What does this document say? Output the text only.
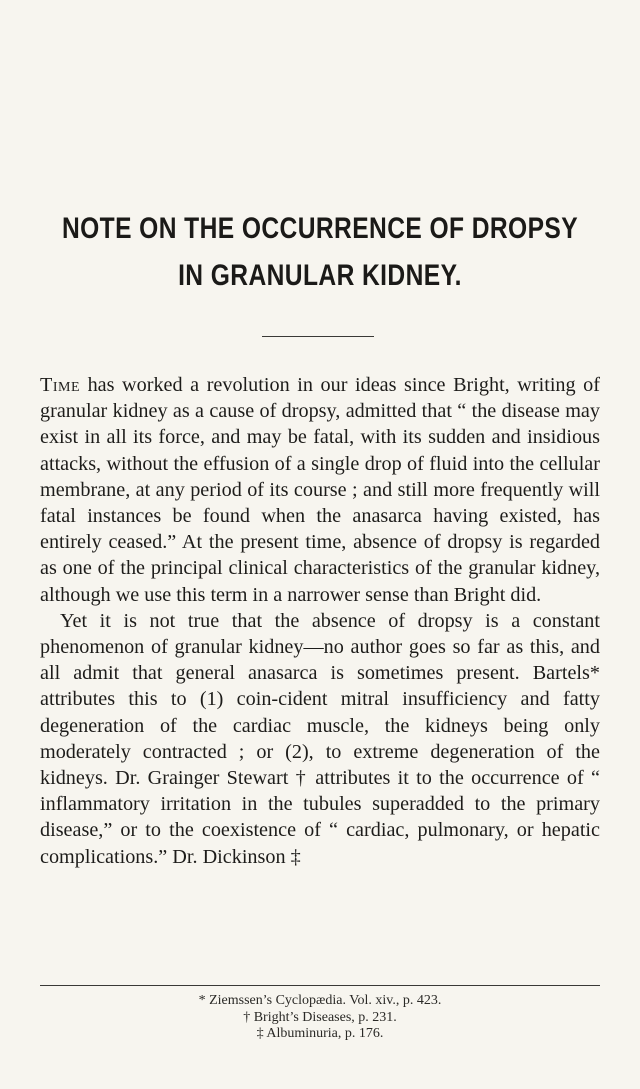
NOTE ON THE OCCURRENCE OF DROPSY
IN GRANULAR KIDNEY.

Time has worked a revolution in our ideas since Bright, writing of granular kidney as a cause of dropsy, admitted that “ the disease may exist in all its force, and may be fatal, with its sudden and insidious attacks, without the effusion of a single drop of fluid into the cellular membrane, at any period of its course ; and still more frequently will fatal instances be found when the anasarca having existed, has entirely ceased.” At the present time, absence of dropsy is regarded as one of the principal clinical characteristics of the granular kidney, although we use this term in a narrower sense than Bright did.

Yet it is not true that the absence of dropsy is a constant phenomenon of granular kidney—no author goes so far as this, and all admit that general anasarca is sometimes present. Bartels* attributes this to (1) coin-cident mitral insufficiency and fatty degeneration of the cardiac muscle, the kidneys being only moderately contracted ; or (2), to extreme degeneration of the kidneys. Dr. Grainger Stewart † attributes it to the occurrence of “ inflammatory irritation in the tubules superadded to the primary disease,” or to the coexistence of “ cardiac, pulmonary, or hepatic complications.” Dr. Dickinson ‡

* Ziemssen’s Cyclopædia. Vol. xiv., p. 423.
† Bright’s Diseases, p. 231.
‡ Albuminuria, p. 176.
